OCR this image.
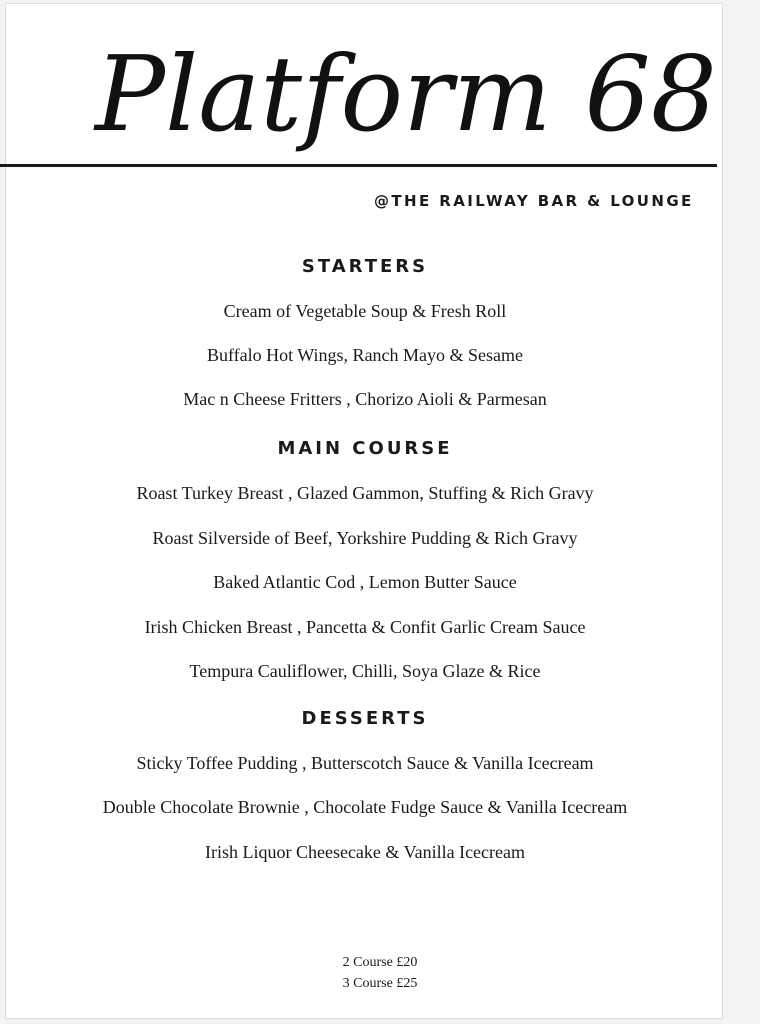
Platform 68
@THE RAILWAY BAR & LOUNGE
STARTERS
Cream of Vegetable Soup & Fresh Roll
Buffalo Hot Wings, Ranch Mayo & Sesame
Mac n Cheese Fritters , Chorizo Aioli & Parmesan
MAIN COURSE
Roast Turkey Breast , Glazed Gammon, Stuffing & Rich Gravy
Roast Silverside of Beef, Yorkshire Pudding & Rich Gravy
Baked Atlantic Cod , Lemon Butter Sauce
Irish Chicken Breast , Pancetta & Confit Garlic Cream Sauce
Tempura Cauliflower, Chilli, Soya Glaze & Rice
DESSERTS
Sticky Toffee Pudding , Butterscotch Sauce & Vanilla Icecream
Double Chocolate Brownie , Chocolate Fudge Sauce & Vanilla Icecream
Irish Liquor Cheesecake & Vanilla Icecream
2 Course £20
3 Course £25
